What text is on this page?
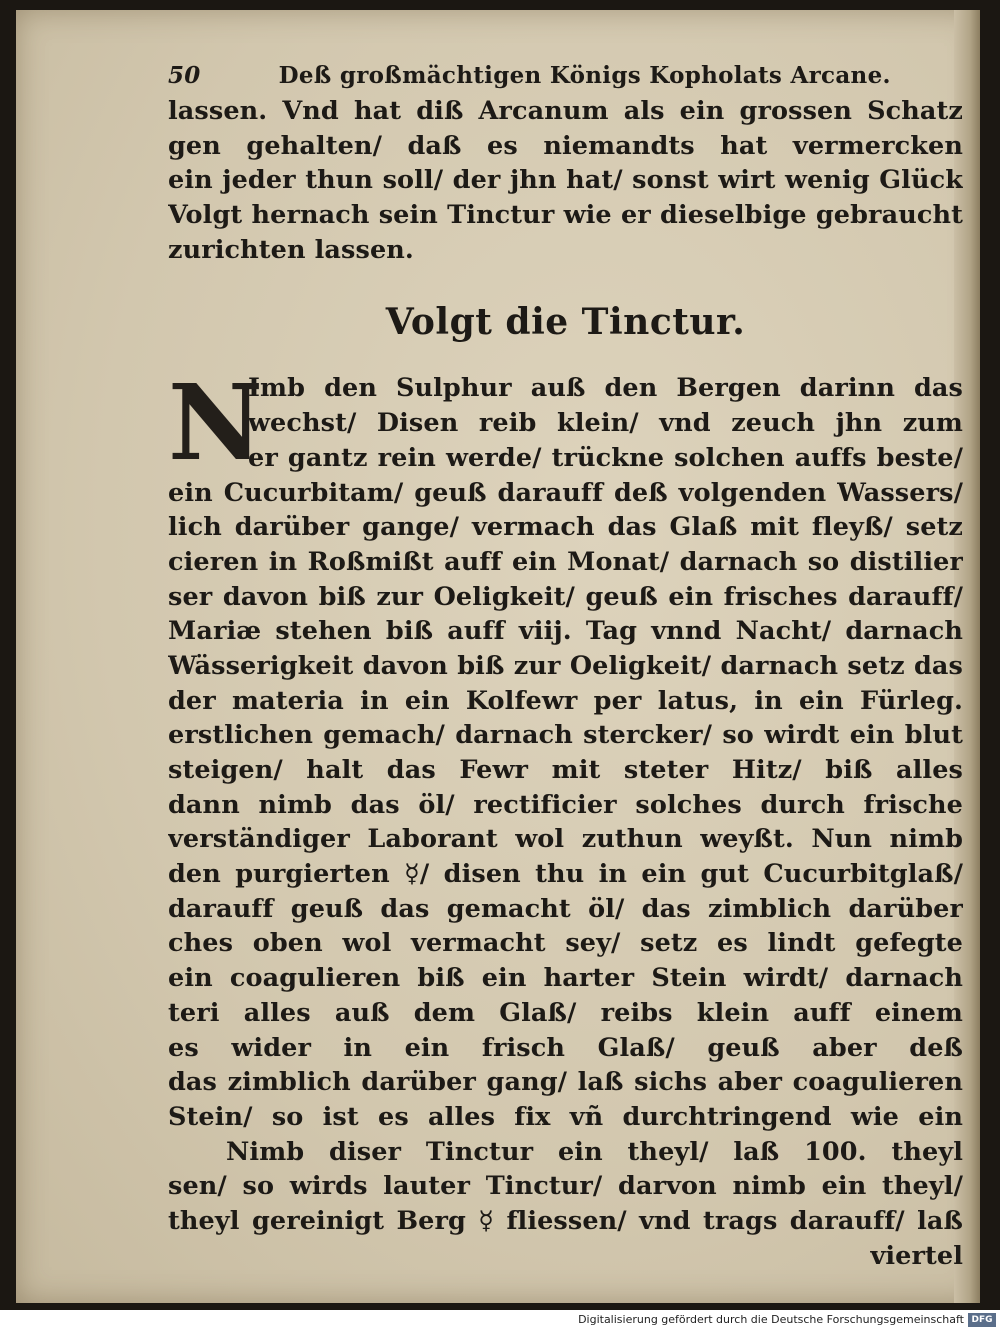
50	Deß großmächtigen Königs Kopholats Arcane.
lassen. Vnd hat diß Arcanum als ein grossen Schatz
gen gehalten/ daß es niemandts hat vermercken
ein jeder thun soll/ der jhn hat/ sonst wirt wenig Glück
Volgt hernach sein Tinctur wie er dieselbige gebraucht
zurichten lassen.
Volgt die Tinctur.
N
Imb den Sulphur auß den Bergen darinn das
wechst/ Disen reib klein/ vnd zeuch jhn zum
er gantz rein werde/ trückne solchen auffs beste/
ein Cucurbitam/ geuß darauff deß volgenden Wassers/
lich darüber gange/ vermach das Glaß mit fleyß/ setz
cieren in Roßmißt auff ein Monat/ darnach so distilier
ser davon biß zur Oeligkeit/ geuß ein frisches darauff/
Mariæ stehen biß auff viij. Tag vnnd Nacht/ darnach
Wässerigkeit davon biß zur Oeligkeit/ darnach setz das
der materia in ein Kolfewr per latus, in ein Fürleg.
erstlichen gemach/ darnach stercker/ so wirdt ein blut
steigen/ halt das Fewr mit steter Hitz/ biß alles
dann nimb das öl/ rectificier solches durch frische
verständiger Laborant wol zuthun weyßt. Nun nimb
den purgierten ☿/ disen thu in ein gut Cucurbitglaß/
darauff geuß das gemacht öl/ das zimblich darüber
ches oben wol vermacht sey/ setz es lindt gefegte
ein coagulieren biß ein harter Stein wirdt/ darnach
teri alles auß dem Glaß/ reibs klein auff einem
es wider in ein frisch Glaß/ geuß aber deß
das zimblich darüber gang/ laß sichs aber coagulieren
Stein/ so ist es alles fix vñ durchtringend wie ein
Nimb diser Tinctur ein theyl/ laß 100. theyl
sen/ so wirds lauter Tinctur/ darvon nimb ein theyl/
theyl gereinigt Berg ☿ fliessen/ vnd trags darauff/ laß
viertel
Digitalisierung gefördert durch die Deutsche Forschungsgemeinschaft DFG
